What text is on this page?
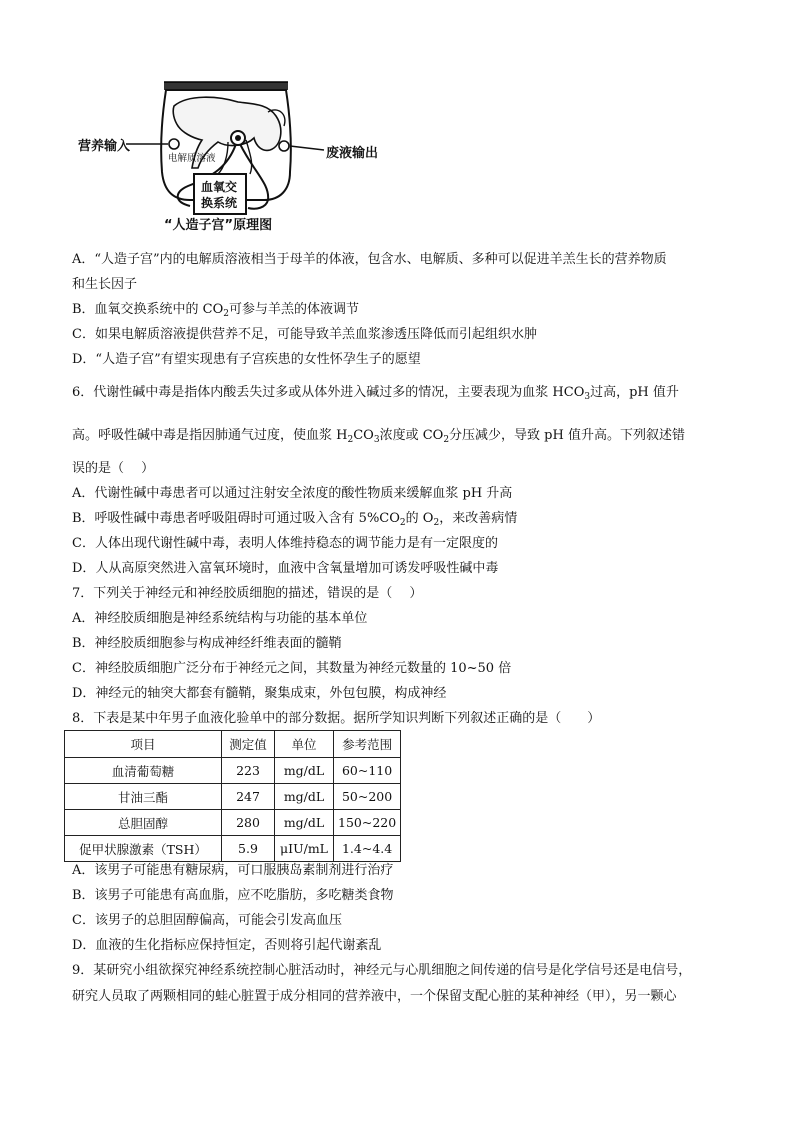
营养输入	废液输出
电解质溶液
血氧交
换系统
“人造子宫”原理图
A．“人造子宫”内的电解质溶液相当于母羊的体液，包含水、电解质、多种可以促进羊羔生长的营养物质
和生长因子
B．血氧交换系统中的 $CO_2$可参与羊羔的体液调节
C．如果电解质溶液提供营养不足，可能导致羊羔血浆渗透压降低而引起组织水肿
D．“人造子宫”有望实现患有子宫疾患的女性怀孕生子的愿望
6．代谢性碱中毒是指体内酸丢失过多或从体外进入碱过多的情况，主要表现为血浆 $HCO_3$过高，pH 值升
高。呼吸性碱中毒是指因肺通气过度，使血浆 $H_2CO_3$浓度或 $CO_2$分压减少，导致 pH 值升高。下列叙述错
误的是（　 ）
A．代谢性碱中毒患者可以通过注射安全浓度的酸性物质来缓解血浆 pH 升高
B．呼吸性碱中毒患者呼吸阻碍时可通过吸入含有 $5\%CO_2$的 $O_2$，来改善病情
C．人体出现代谢性碱中毒，表明人体维持稳态的调节能力是有一定限度的
D．人从高原突然进入富氧环境时，血液中含氧量增加可诱发呼吸性碱中毒
7．下列关于神经元和神经胶质细胞的描述，错误的是（　 ）
A．神经胶质细胞是神经系统结构与功能的基本单位
B．神经胶质细胞参与构成神经纤维表面的髓鞘
C．神经胶质细胞广泛分布于神经元之间，其数量为神经元数量的 10~50 倍
D．神经元的轴突大都套有髓鞘，聚集成束，外包包膜，构成神经
8．下表是某中年男子血液化验单中的部分数据。据所学知识判断下列叙述正确的是（　　）
项目	测定值	单位	参考范围
血清葡萄糖	223	mg/dL	60~110
甘油三酯	247	mg/dL	50~200
总胆固醇	280	mg/dL	150~220
促甲状腺激素（TSH）	5.9	μIU/mL	1.4~4.4
A．该男子可能患有糖尿病，可口服胰岛素制剂进行治疗
B．该男子可能患有高血脂，应不吃脂肪，多吃糖类食物
C．该男子的总胆固醇偏高，可能会引发高血压
D．血液的生化指标应保持恒定，否则将引起代谢紊乱
9．某研究小组欲探究神经系统控制心脏活动时，神经元与心肌细胞之间传递的信号是化学信号还是电信号，
研究人员取了两颗相同的蛙心脏置于成分相同的营养液中，一个保留支配心脏的某种神经（甲），另一颗心
